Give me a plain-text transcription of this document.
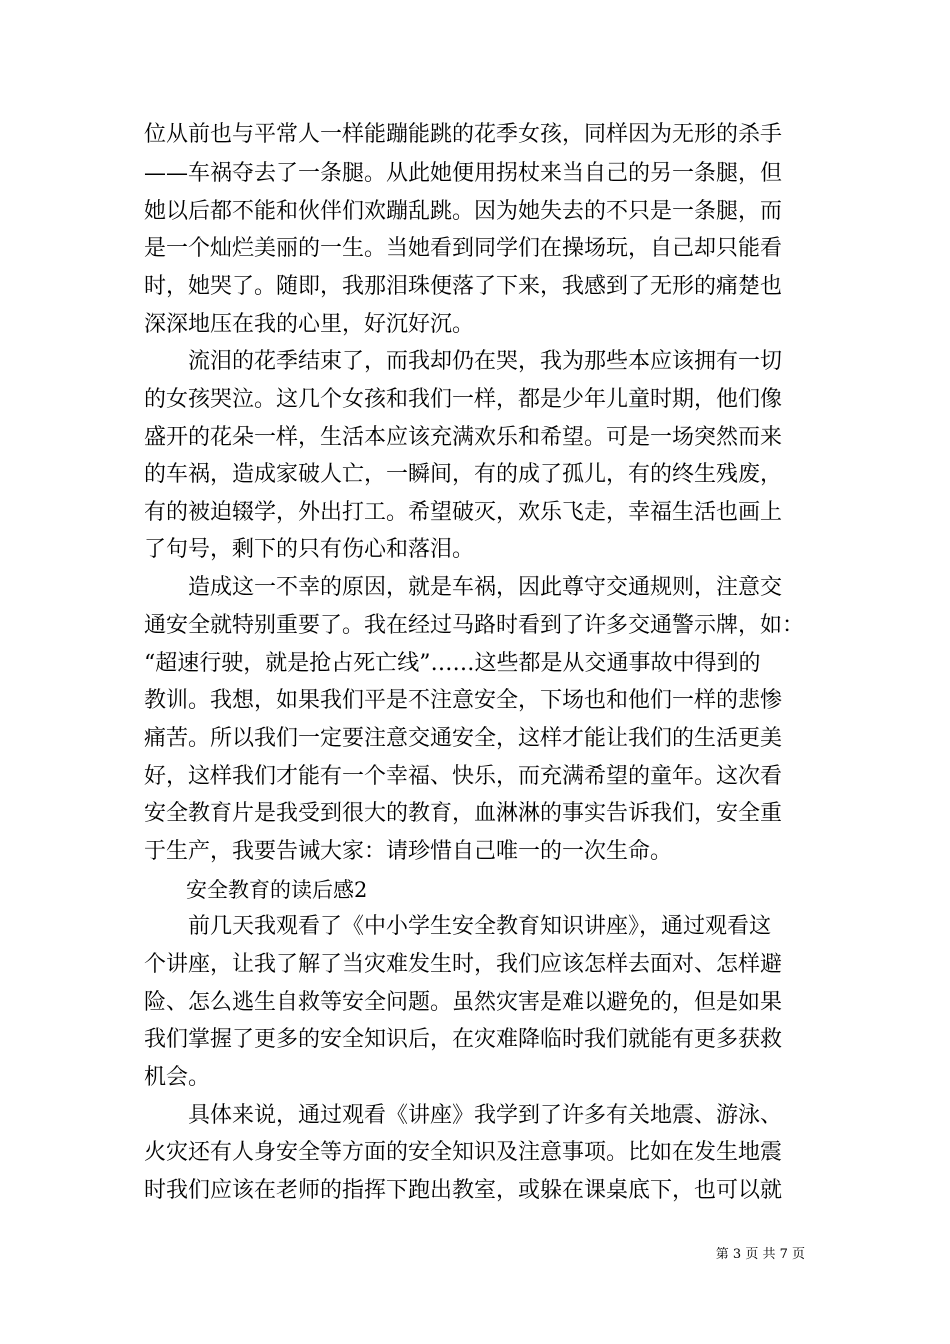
位从前也与平常人一样能蹦能跳的花季女孩，同样因为无形的杀手
——车祸夺去了一条腿。从此她便用拐杖来当自己的另一条腿，但
她以后都不能和伙伴们欢蹦乱跳。因为她失去的不只是一条腿，而
是一个灿烂美丽的一生。当她看到同学们在操场玩，自己却只能看
时，她哭了。随即，我那泪珠便落了下来，我感到了无形的痛楚也
深深地压在我的心里，好沉好沉。
　　流泪的花季结束了，而我却仍在哭，我为那些本应该拥有一切
的女孩哭泣。这几个女孩和我们一样，都是少年儿童时期，他们像
盛开的花朵一样，生活本应该充满欢乐和希望。可是一场突然而来
的车祸，造成家破人亡，一瞬间，有的成了孤儿，有的终生残废，
有的被迫辍学，外出打工。希望破灭，欢乐飞走，幸福生活也画上
了句号，剩下的只有伤心和落泪。
　　造成这一不幸的原因，就是车祸，因此尊守交通规则，注意交
通安全就特别重要了。我在经过马路时看到了许多交通警示牌，如：
“超速行驶，就是抢占死亡线”……这些都是从交通事故中得到的
教训。我想，如果我们平是不注意安全，下场也和他们一样的悲惨
痛苦。所以我们一定要注意交通安全，这样才能让我们的生活更美
好，这样我们才能有一个幸福、快乐，而充满希望的童年。这次看
安全教育片是我受到很大的教育，血淋淋的事实告诉我们，安全重
于生产，我要告诫大家：请珍惜自己唯一的一次生命。
　　安全教育的读后感2
　　前几天我观看了《中小学生安全教育知识讲座》，通过观看这
个讲座，让我了解了当灾难发生时，我们应该怎样去面对、怎样避
险、怎么逃生自救等安全问题。虽然灾害是难以避免的，但是如果
我们掌握了更多的安全知识后，在灾难降临时我们就能有更多获救
机会。
　　具体来说，通过观看《讲座》我学到了许多有关地震、游泳、
火灾还有人身安全等方面的安全知识及注意事项。比如在发生地震
时我们应该在老师的指挥下跑出教室，或躲在课桌底下，也可以就
第 3 页 共 7 页
